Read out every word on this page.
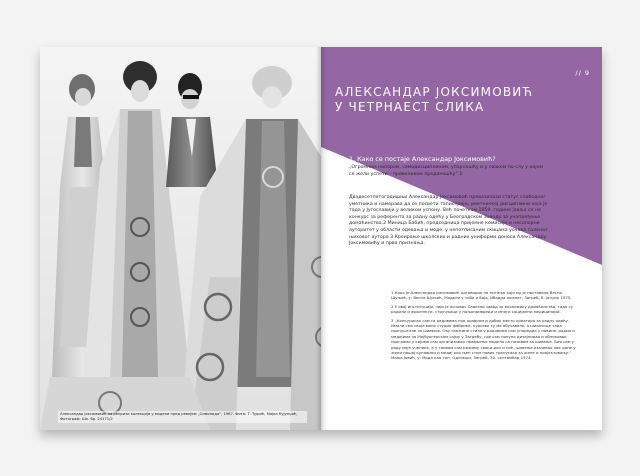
Александар Јоксимовић на репризи колекције у модели пред ревијом „Симонида“, 1967. Фото: Т. Ђурић, Мајка Кујунџић, Фотограф: Шк. бр. 24171/2
// 9
АЛЕКСАНДАР ЈОКСИМОВИЋ
У ЧЕТРНАЕСТ СЛИКА

1. Како се постаје Александар Јоксимовић?

„Огромним напором, самодисциплином, упорношћу и у сваком по-слу у којем се жели успети – превеликом преданошћу“.1

2. Почетак

Двадесетпетогодишњи Александар Јоксимовић превазилази статус слободног уметника и намерава да се посвети таписерији, уметничкој дисциплини која је тада у Југославији у великом успону. Већ почетком 1959. године јавља се на конкурс за референта за радну одећу у Београдском Заводу за унапређење домаћинства.2 Миница Бабић, председница пријемне комисије и несопорни ауторитет у области одевања и моде, у непотписаним скицама уочава таленат њиховог аутора.3 Креирање школских и радних униформи доноси Александру Јоксимовићу и прва признања.

1 Како је Александар Јоксимовић одговорио на питање које му је поставила Весна Шуњић, у: Весна Шуњић, Модели у тоби и боја, Ибадра жизнет, Загреб, 8. јануар 1975.

2 У овој институцији, чији је оснивач Савезни завод за економику домаћинства, тада су радили и архитекти, стручњаци у пољопривреди и многи социјални медицинари.

3 „Конкурисао сам са радовима под шифром и добио место креатора за радну одећу. Имали смо своје мале студио фабрике, курсеве су ме обучавале, а шивачице тада пропуштале за шивење. Ову свежине стила у радовима сам упоредио у новине, радио и медијима за Мојбургерском сајму у Загребу, где сам попуно дизајнирао и обликовао програме у којима сам организовао прављење модела са позивом за шивење. Био сам у раду моје ученике, а у таквом сам режиму сваки дан и ноћ, шивење изазивао ове дане у жени нашој куповини и медиј као њен стил нових тренутака за жене и пројектовању.“ Мања Јовић, у: Мода као тон, Одломци, Загреб, 30. септембар 1974.
